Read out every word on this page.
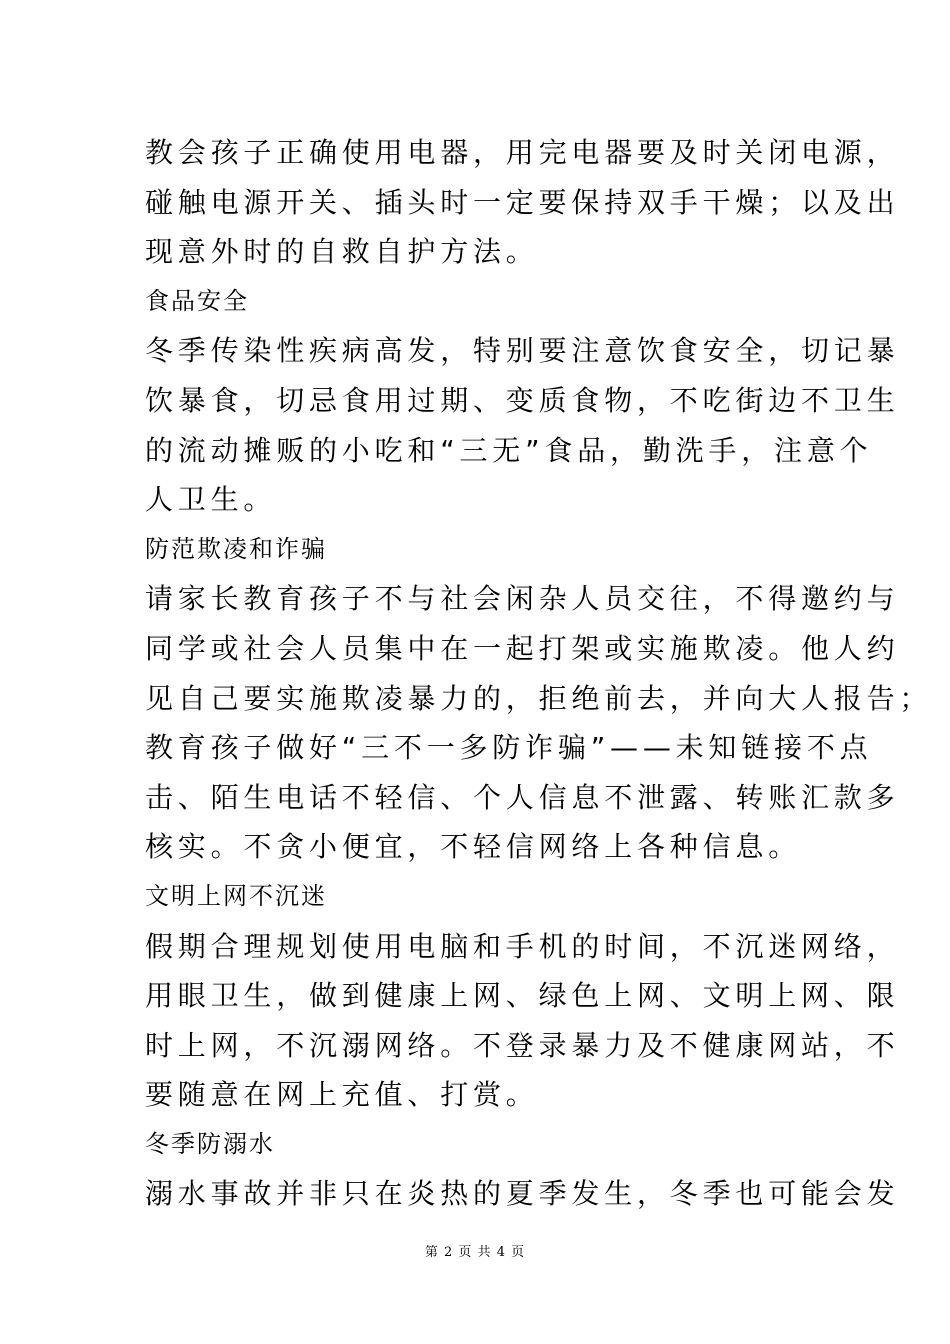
教会孩子正确使用电器，用完电器要及时关闭电源，
碰触电源开关、插头时一定要保持双手干燥；以及出
现意外时的自救自护方法。
食品安全
冬季传染性疾病高发，特别要注意饮食安全，切记暴
饮暴食，切忌食用过期、变质食物，不吃街边不卫生
的流动摊贩的小吃和“三无”食品，勤洗手，注意个
人卫生。
防范欺凌和诈骗
请家长教育孩子不与社会闲杂人员交往，不得邀约与
同学或社会人员集中在一起打架或实施欺凌。他人约
见自己要实施欺凌暴力的，拒绝前去，并向大人报告；
教育孩子做好“三不一多防诈骗”——未知链接不点
击、陌生电话不轻信、个人信息不泄露、转账汇款多
核实。不贪小便宜，不轻信网络上各种信息。
文明上网不沉迷
假期合理规划使用电脑和手机的时间，不沉迷网络，
用眼卫生，做到健康上网、绿色上网、文明上网、限
时上网，不沉溺网络。不登录暴力及不健康网站，不
要随意在网上充值、打赏。
冬季防溺水
溺水事故并非只在炎热的夏季发生，冬季也可能会发
第 2 页 共 4 页
